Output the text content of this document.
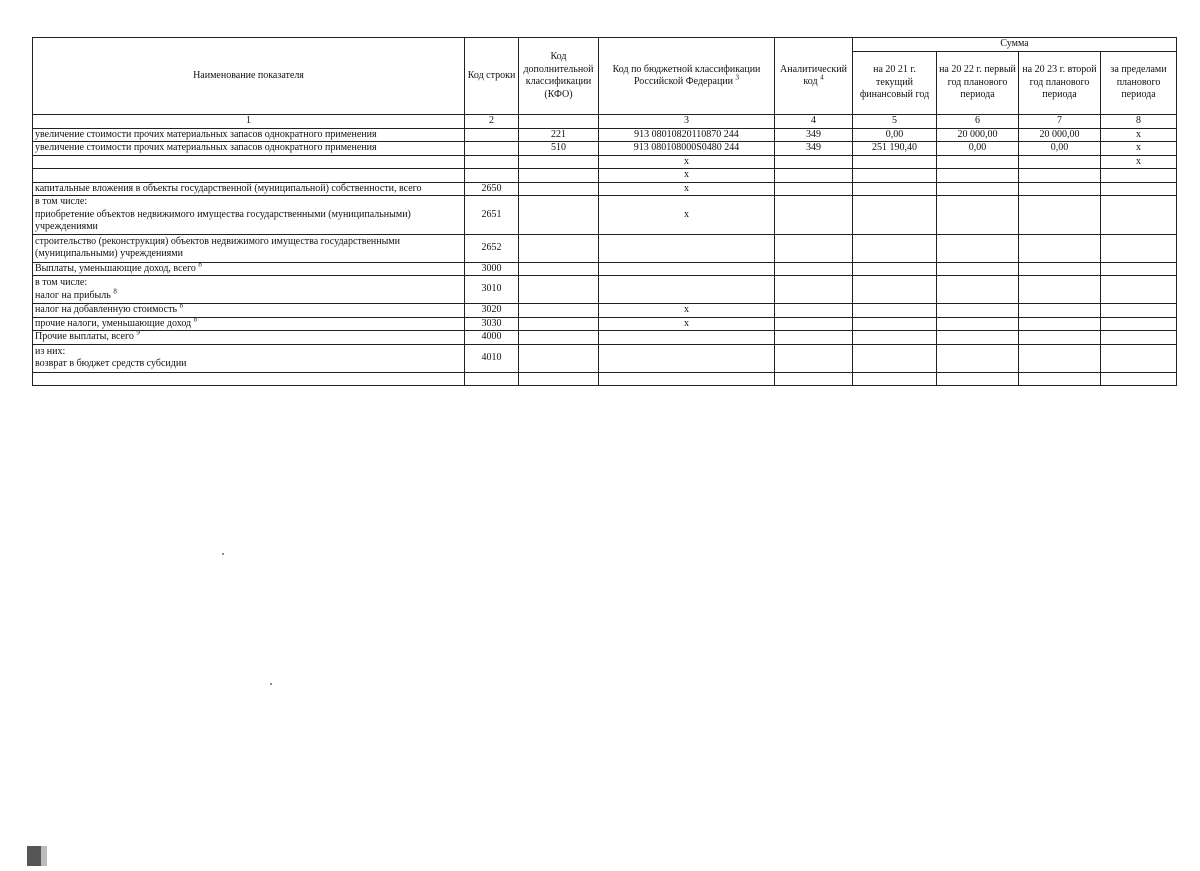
Наименование показателя	Код строки	Код дополнительной классификации (КФО)	Код по бюджетной классификации Российской Федерации $^3$	Аналитический код $^4$	Сумма			
					на 20 21 г. текущий финансовый год	на 20 22 г. первый год планового периода	на 20 23 г. второй год планового периода	за пределами планового периода
1	2		3	4	5	6	7	8
увеличение стоимости прочих материальных запасов однократного применения		221	913 08010820110870 244	349	0,00	20 000,00	20 000,00	x
увеличение стоимости прочих материальных запасов однократного применения		510	913 080108000S0480 244	349	251 190,40	0,00	0,00	x
			x					x
			x					
капитальные вложения в объекты государственной (муниципальной) собственности, всего	2650		x					

в том числе:
приобретение объектов недвижимого имущества государственными (муниципальными)
учреждениями	2651		x					

строительство (реконструкция) объектов недвижимого имущества государственными
(муниципальными) учреждениями	2652							
Выплаты, уменьшающие доход, всего $^8$	3000							

в том числе:
налог на прибыль $^8$	3010							
налог на добавленную стоимость $^8$	3020		x					
прочие налоги, уменьшающие доход $^8$	3030		x					
Прочие выплаты, всего $^9$	4000							

из них:
возврат в бюджет средств субсидии	4010							
